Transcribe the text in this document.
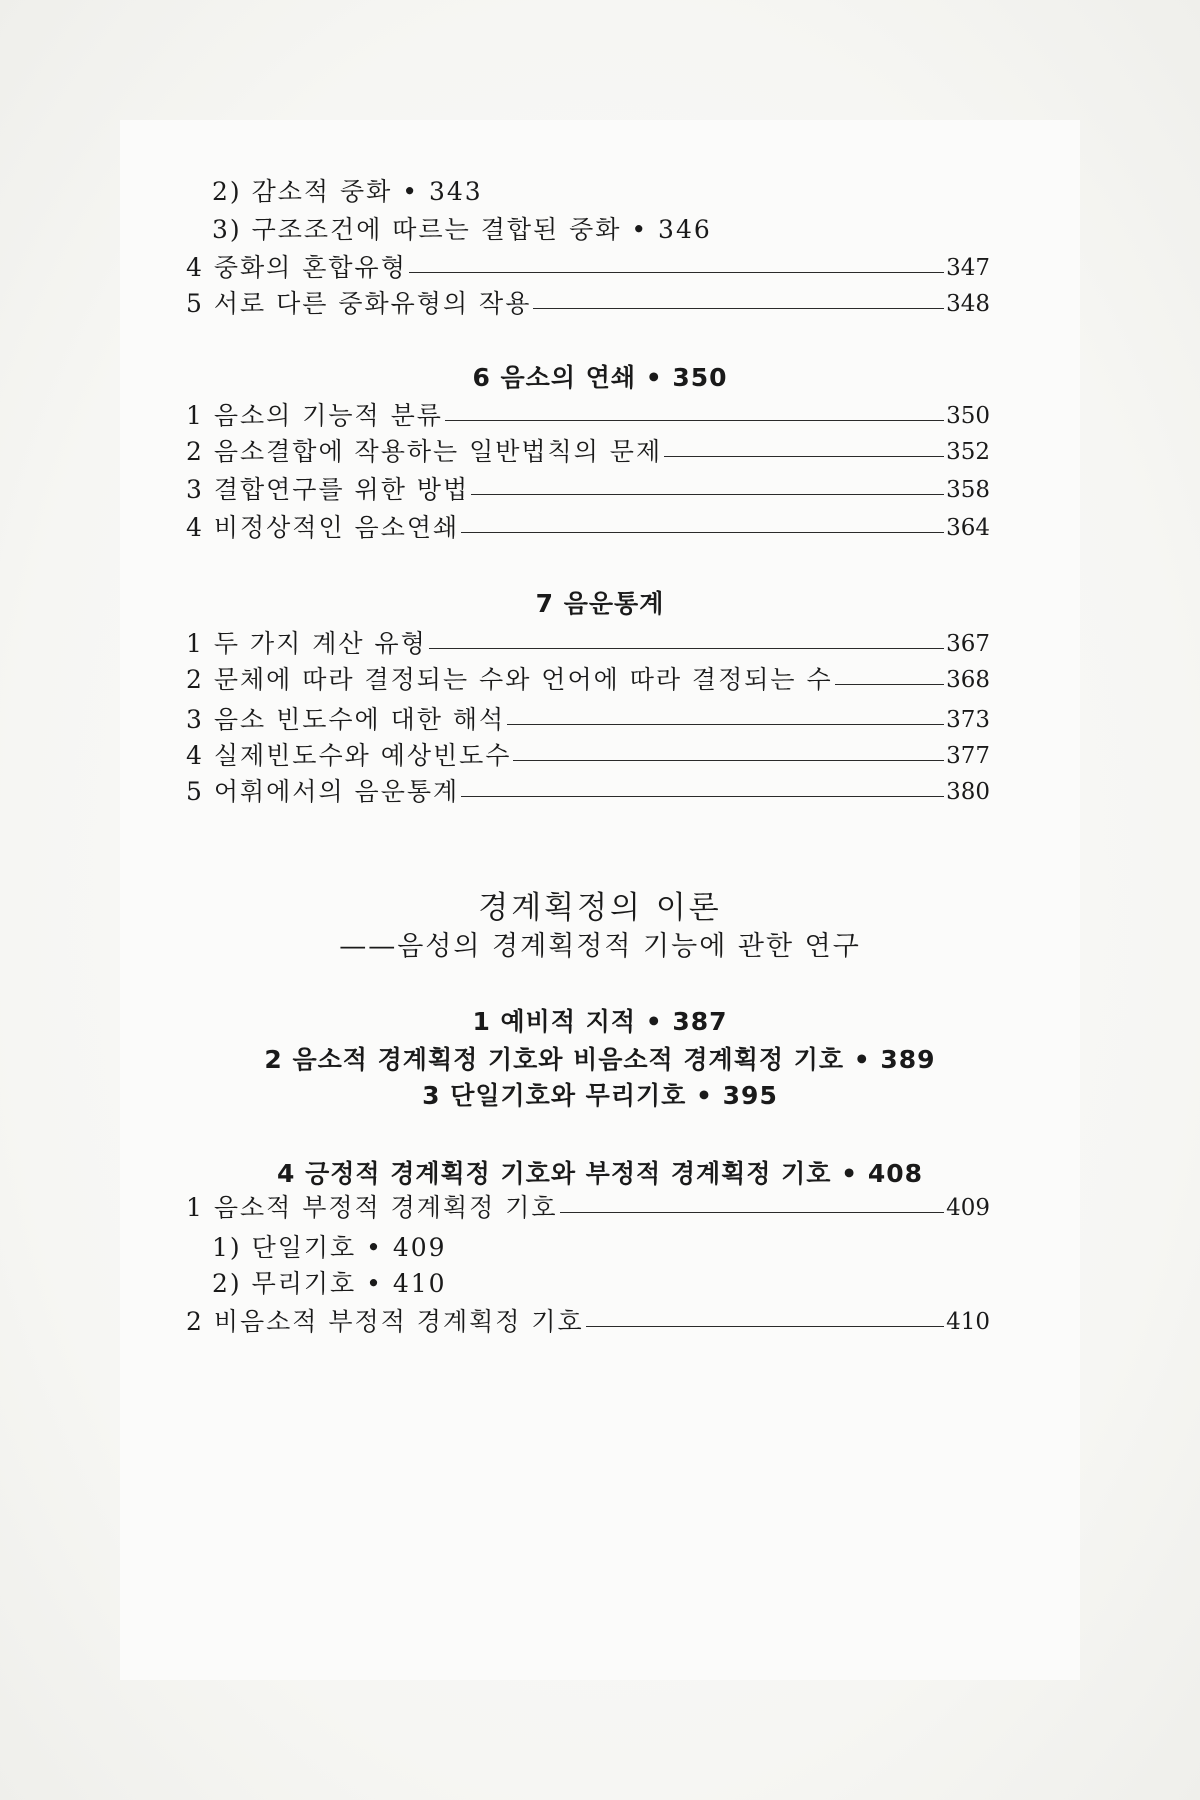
2) 감소적 중화 • 343
3) 구조조건에 따르는 결합된 중화 • 346
4 중화의 혼합유형	347
5 서로 다른 중화유형의 작용	348
6 음소의 연쇄 • 350
1 음소의 기능적 분류	350
2 음소결합에 작용하는 일반법칙의 문제	352
3 결합연구를 위한 방법	358
4 비정상적인 음소연쇄	364
7 음운통계
1 두 가지 계산 유형	367
2 문체에 따라 결정되는 수와 언어에 따라 결정되는 수	368
3 음소 빈도수에 대한 해석	373
4 실제빈도수와 예상빈도수	377
5 어휘에서의 음운통계	380
경계획정의 이론
——음성의 경계획정적 기능에 관한 연구
1 예비적 지적 • 387
2 음소적 경계획정 기호와 비음소적 경계획정 기호 • 389
3 단일기호와 무리기호 • 395
4 긍정적 경계획정 기호와 부정적 경계획정 기호 • 408
1 음소적 부정적 경계획정 기호	409
1) 단일기호 • 409
2) 무리기호 • 410
2 비음소적 부정적 경계획정 기호	410
